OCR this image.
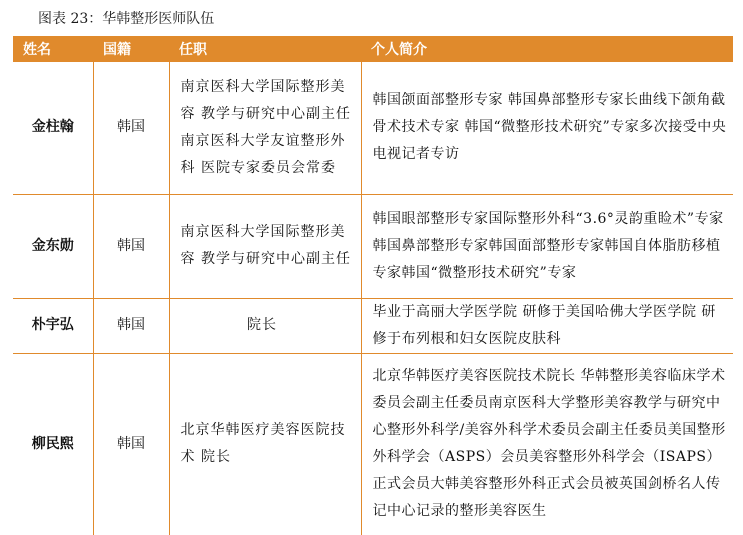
图表 23：华韩整形医师队伍
姓名	国籍	任职	个人简介
金柱翰	韩国	南京医科大学国际整形美容 教学与研究中心副主任 南京医科大学友谊整形外科 医院专家委员会常委	韩国颌面部整形专家 韩国鼻部整形专家长曲线下颌角截骨术技术专家 韩国“微整形技术研究”专家多次接受中央电视记者专访
金东勋	韩国	南京医科大学国际整形美容 教学与研究中心副主任	韩国眼部整形专家国际整形外科“3.6°灵韵重睑术”专家韩国鼻部整形专家韩国面部整形专家韩国自体脂肪移植专家韩国“微整形技术研究”专家
朴宇弘	韩国	院长	毕业于高丽大学医学院 研修于美国哈佛大学医学院 研修于布列根和妇女医院皮肤科
柳民熙	韩国	北京华韩医疗美容医院技术 院长	北京华韩医疗美容医院技术院长 华韩整形美容临床学术委员会副主任委员南京医科大学整形美容教学与研究中心整形外科学/美容外科学术委员会副主任委员美国整形外科学会（ASPS）会员美容整形外科学会（ISAPS）正式会员大韩美容整形外科正式会员被英国剑桥名人传记中心记录的整形美容医生
